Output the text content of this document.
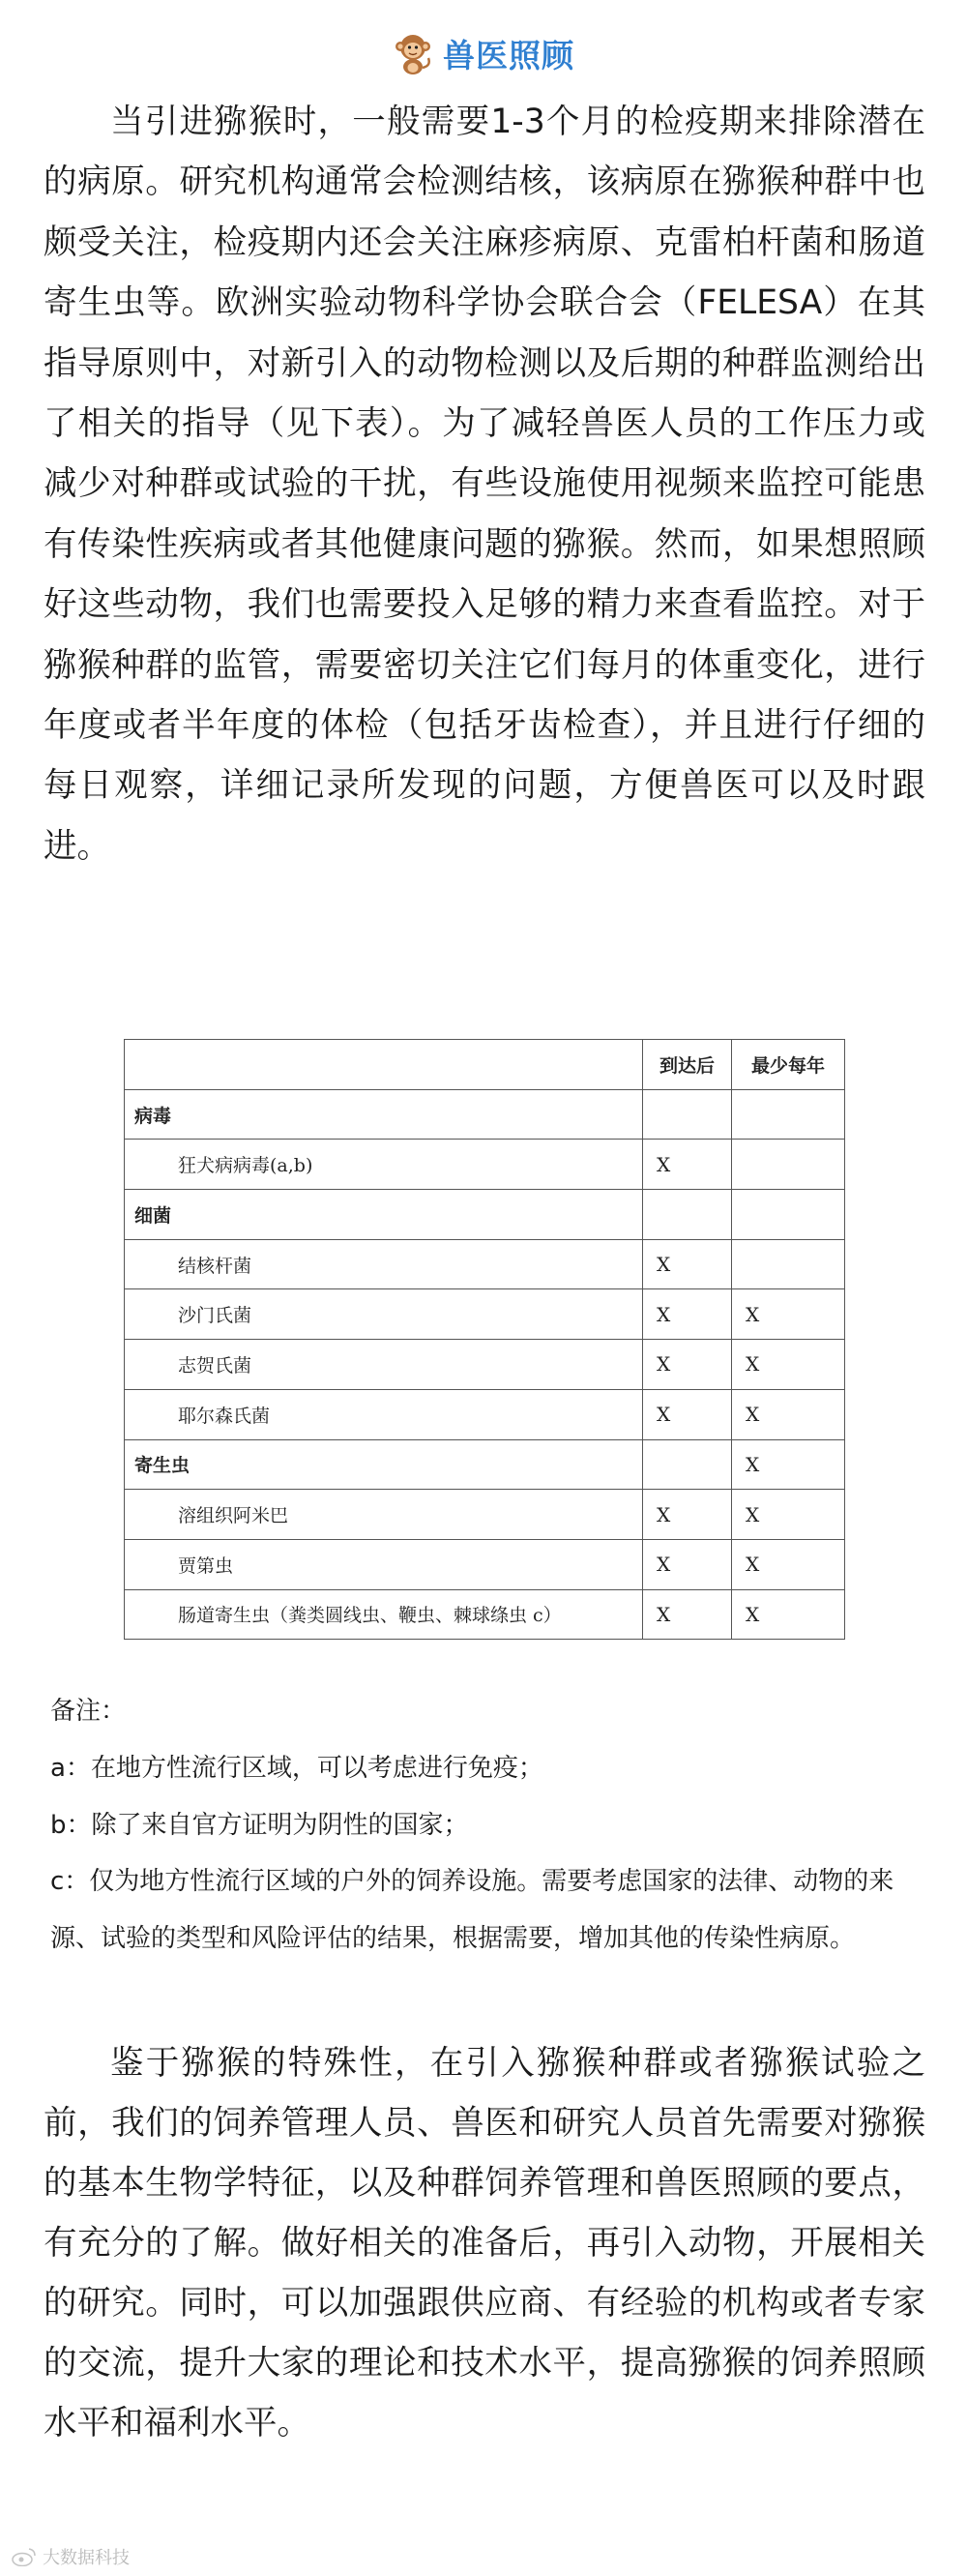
兽医照顾

当引进猕猴时，一般需要1-3个月的检疫期来排除潜在的病原。研究机构通常会检测结核，该病原在猕猴种群中也颇受关注，检疫期内还会关注麻疹病原、克雷柏杆菌和肠道寄生虫等。欧洲实验动物科学协会联合会（FELESA）在其指导原则中，对新引入的动物检测以及后期的种群监测给出了相关的指导（见下表）。为了减轻兽医人员的工作压力或减少对种群或试验的干扰，有些设施使用视频来监控可能患有传染性疾病或者其他健康问题的猕猴。然而，如果想照顾好这些动物，我们也需要投入足够的精力来查看监控。对于猕猴种群的监管，需要密切关注它们每月的体重变化，进行年度或者半年度的体检（包括牙齿检查），并且进行仔细的每日观察，详细记录所发现的问题，方便兽医可以及时跟进。

	到达后	最少每年
病毒		
狂犬病病毒(a,b)	X	
细菌		
结核杆菌	X	
沙门氏菌	X	X
志贺氏菌	X	X
耶尔森氏菌	X	X
寄生虫		X
溶组织阿米巴	X	X
贾第虫	X	X
肠道寄生虫（粪类圆线虫、鞭虫、棘球绦虫 c）	X	X

备注：

a：在地方性流行区域，可以考虑进行免疫；

b：除了来自官方证明为阴性的国家；

c：仅为地方性流行区域的户外的饲养设施。需要考虑国家的法律、动物的来源、试验的类型和风险评估的结果，根据需要，增加其他的传染性病原。

鉴于猕猴的特殊性，在引入猕猴种群或者猕猴试验之前，我们的饲养管理人员、兽医和研究人员首先需要对猕猴的基本生物学特征，以及种群饲养管理和兽医照顾的要点，有充分的了解。做好相关的准备后，再引入动物，开展相关的研究。同时，可以加强跟供应商、有经验的机构或者专家的交流，提升大家的理论和技术水平，提高猕猴的饲养照顾水平和福利水平。

大数据科技
